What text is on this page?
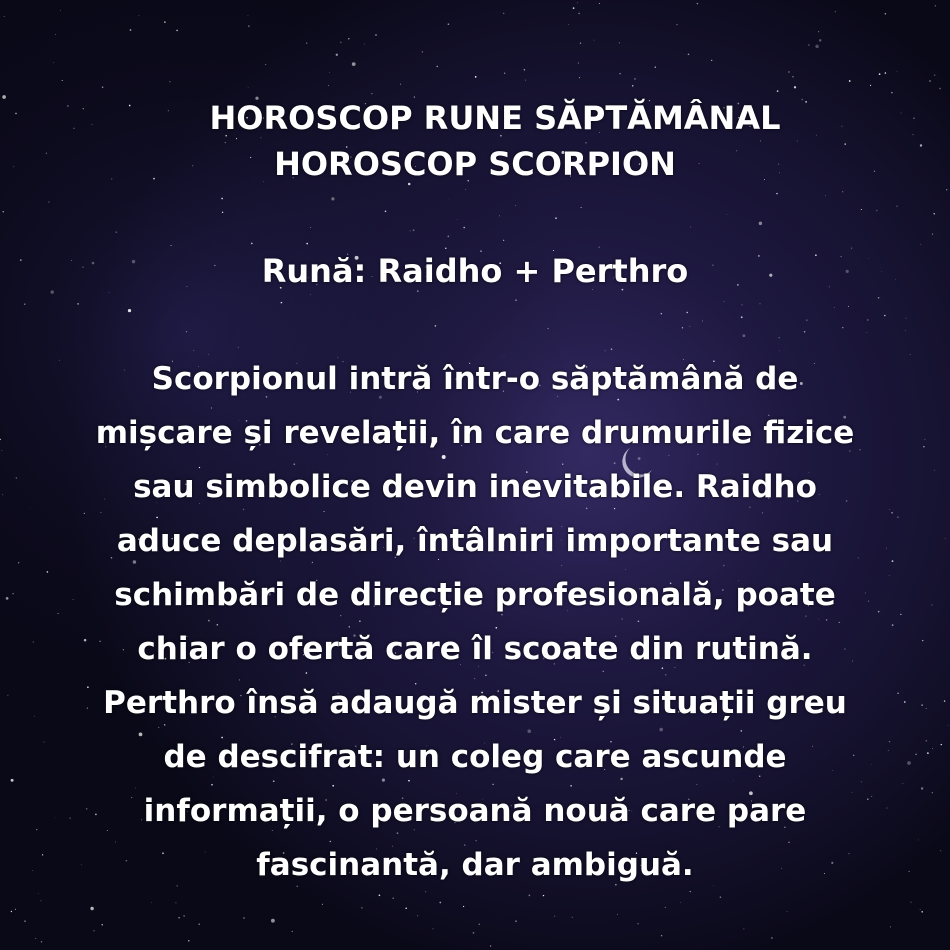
HOROSCOP RUNE SĂPTĂMÂNAL
HOROSCOP SCORPION
Rună: Raidho + Perthro
Scorpionul intră într-o săptămână de
mișcare și revelații, în care drumurile fizice
sau simbolice devin inevitabile. Raidho
aduce deplasări, întâlniri importante sau
schimbări de direcție profesională, poate
chiar o ofertă care îl scoate din rutină.
Perthro însă adaugă mister și situații greu
de descifrat: un coleg care ascunde
informații, o persoană nouă care pare
fascinantă, dar ambiguă.
